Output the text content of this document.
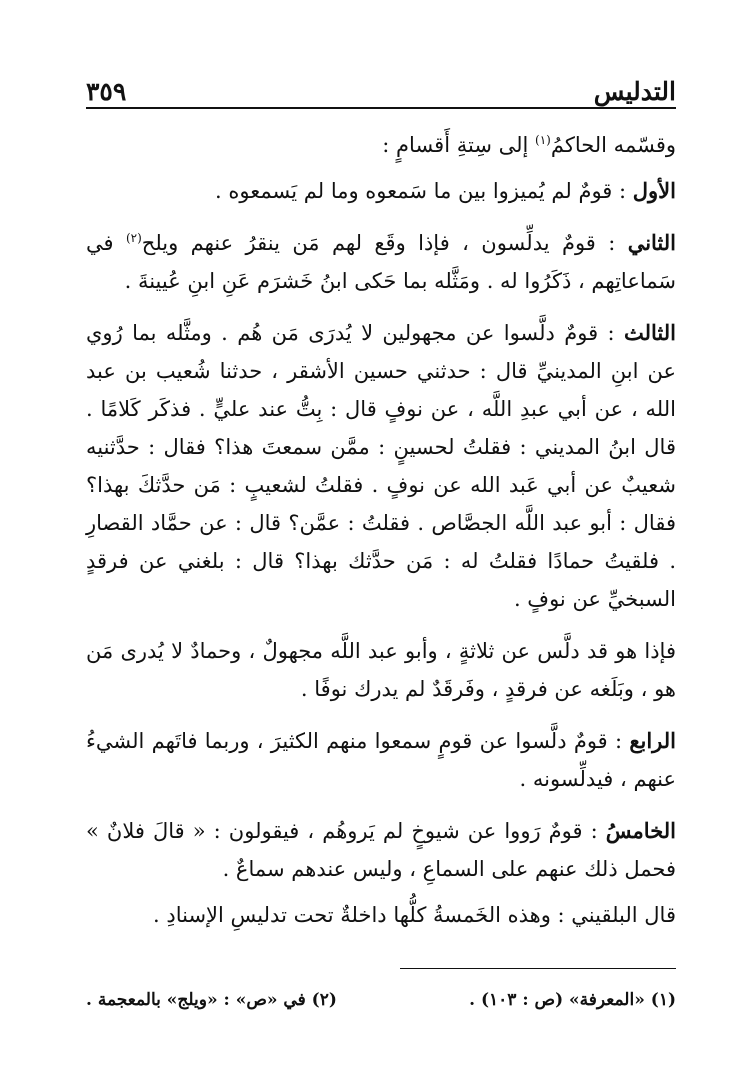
التدليس
٣٥٩

وقسّمه الحاكمُ$^{(١)}$ إلى سِتةِ أَقسامٍ :

الأول : قومٌ لم يُميزوا بين ما سَمعوه وما لم يَسمعوه .

الثاني : قومٌ يدلِّسون ، فإذا وقَع لهم مَن ينقرُ عنهم ويلح$^{(٢)}$ في سَماعاتِهم ، ذَكَرُوا له . ومَثَّله بما حَكى ابنُ خَشرَم عَنِ ابنِ عُيينةَ .

الثالث : قومٌ دلَّسوا عن مجهولين لا يُدرَى مَن هُم . ومثَّله بما رُوي عن ابنِ المدينيِّ قال : حدثني حسين الأشقر ، حدثنا شُعيب بن عبد الله ، عن أبي عبدِ اللَّه ، عن نوفٍ قال : بِتُّ عند عليٍّ . فذكَر كَلامًا . قال ابنُ المديني : فقلتُ لحسينٍ : ممَّن سمعتَ هذا؟ فقال : حدَّثنيه شعيبٌ عن أبي عَبد الله عن نوفٍ . فقلتُ لشعيبٍ : مَن حدَّثكَ بهذا؟ فقال : أبو عبد اللَّه الجصَّاص . فقلتُ : عمَّن؟ قال : عن حمَّاد القصارِ . فلقيتُ حمادًا فقلتُ له : مَن حدَّثك بهذا؟ قال : بلغني عن فرقدٍ السبخيِّ عن نوفٍ .

فإذا هو قد دلَّس عن ثلاثةٍ ، وأبو عبد اللَّه مجهولٌ ، وحمادٌ لا يُدرى مَن هو ، وبَلَغه عن فرقدٍ ، وفَرقَدٌ لم يدرك نوفًا .

الرابع : قومٌ دلَّسوا عن قومٍ سمعوا منهم الكثيرَ ، وربما فاتَهم الشيءُ عنهم ، فيدلِّسونه .

الخامسُ : قومٌ رَووا عن شيوخٍ لم يَروهُم ، فيقولون : « قالَ فلانٌ » فحمل ذلك عنهم على السماعِ ، وليس عندهم سماعٌ .

قال البلقيني : وهذه الخَمسةُ كلُّها داخلةٌ تحت تدليسِ الإسنادِ .

(١) «المعرفة» (ص : ١٠٣) .
(٢) في «ص» : «ويلج» بالمعجمة .
